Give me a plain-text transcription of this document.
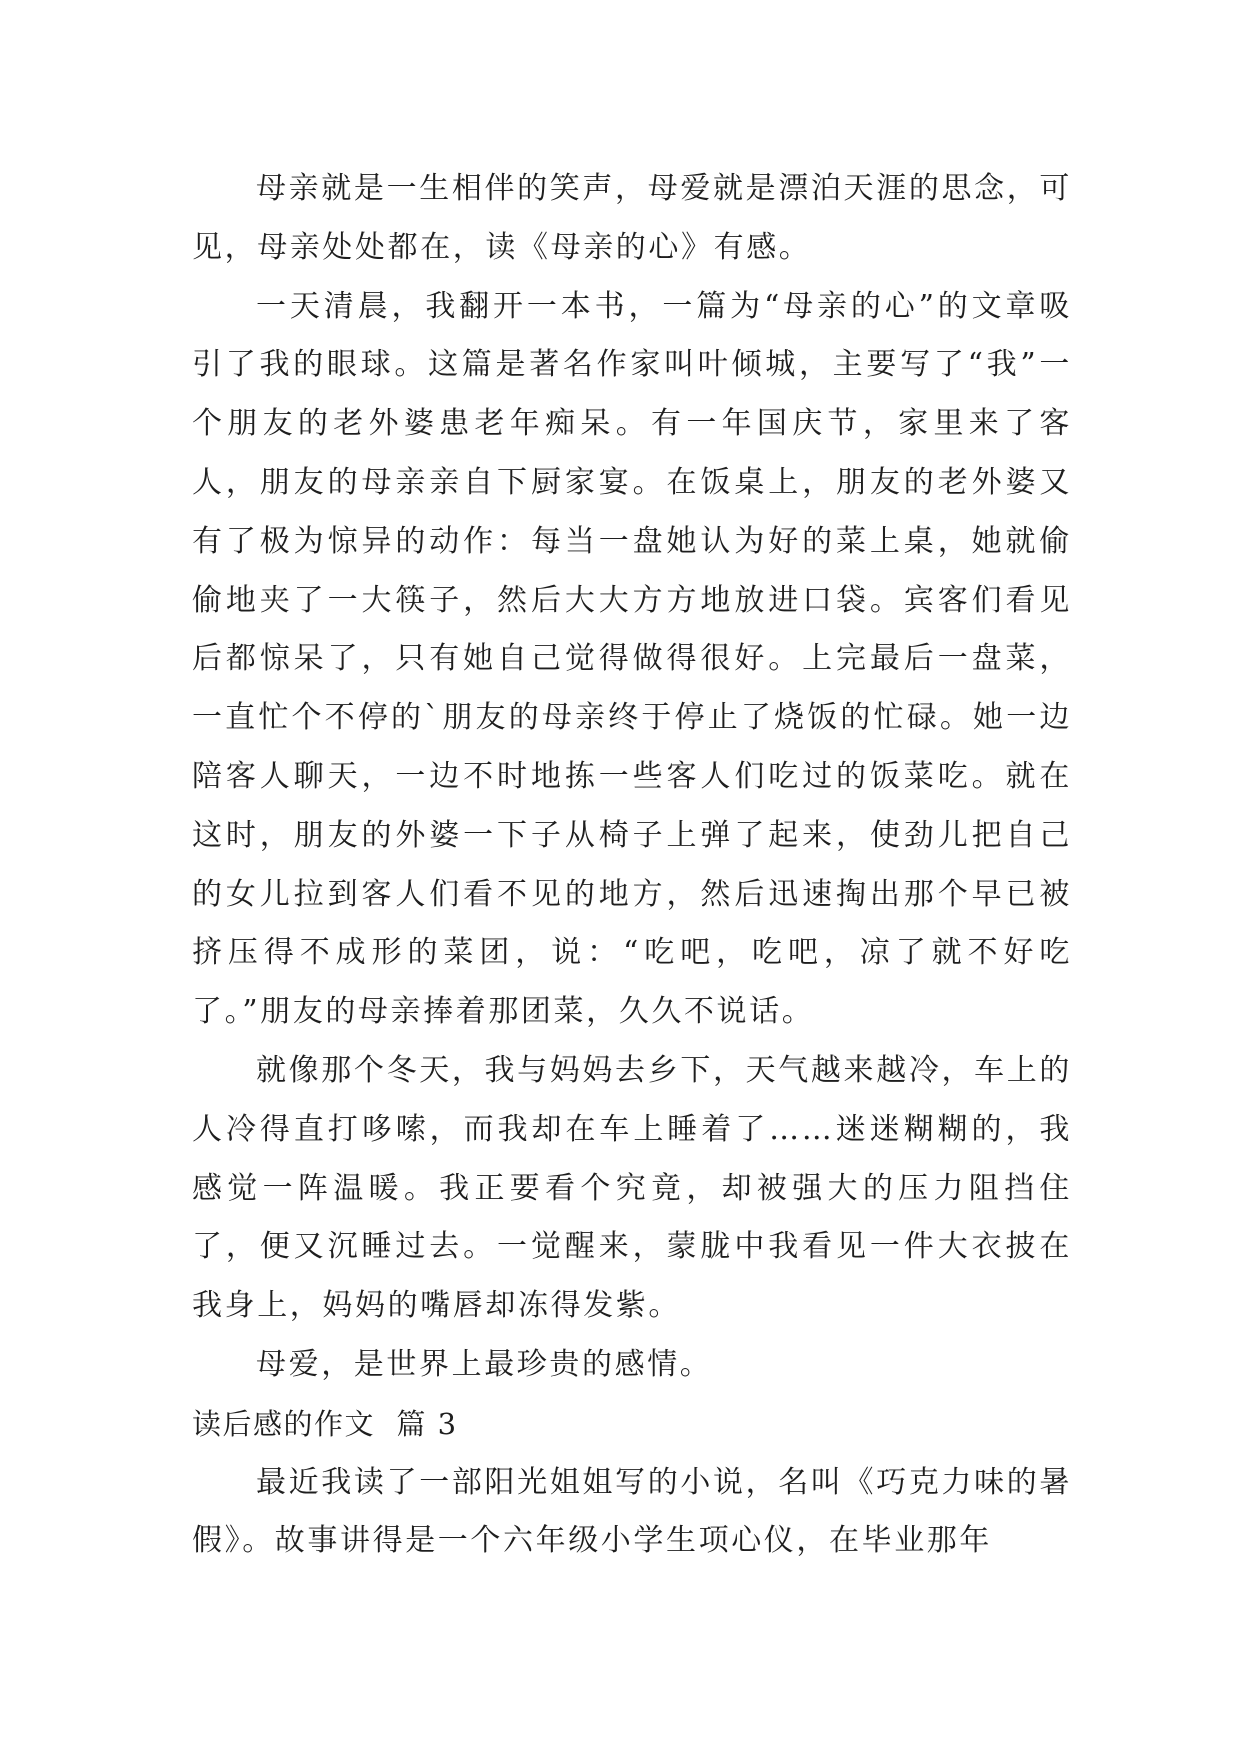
母亲就是一生相伴的笑声，母爱就是漂泊天涯的思念，可见，母亲处处都在，读《母亲的心》有感。

一天清晨，我翻开一本书，一篇为“母亲的心”的文章吸引了我的眼球。这篇是著名作家叫叶倾城，主要写了“我”一个朋友的老外婆患老年痴呆。有一年国庆节，家里来了客人，朋友的母亲亲自下厨家宴。在饭桌上，朋友的老外婆又有了极为惊异的动作：每当一盘她认为好的菜上桌，她就偷偷地夹了一大筷子，然后大大方方地放进口袋。宾客们看见后都惊呆了，只有她自己觉得做得很好。上完最后一盘菜，一直忙个不停的`朋友的母亲终于停止了烧饭的忙碌。她一边陪客人聊天，一边不时地拣一些客人们吃过的饭菜吃。就在这时，朋友的外婆一下子从椅子上弹了起来，使劲儿把自己的女儿拉到客人们看不见的地方，然后迅速掏出那个早已被挤压得不成形的菜团，说：“吃吧，吃吧，凉了就不好吃了。”朋友的母亲捧着那团菜，久久不说话。

就像那个冬天，我与妈妈去乡下，天气越来越冷，车上的人冷得直打哆嗦，而我却在车上睡着了……迷迷糊糊的，我感觉一阵温暖。我正要看个究竟，却被强大的压力阻挡住了，便又沉睡过去。一觉醒来，蒙胧中我看见一件大衣披在我身上，妈妈的嘴唇却冻得发紫。

母爱，是世界上最珍贵的感情。

读后感的作文  篇 3

最近我读了一部阳光姐姐写的小说，名叫《巧克力味的暑假》。故事讲得是一个六年级小学生项心仪，在毕业那年
